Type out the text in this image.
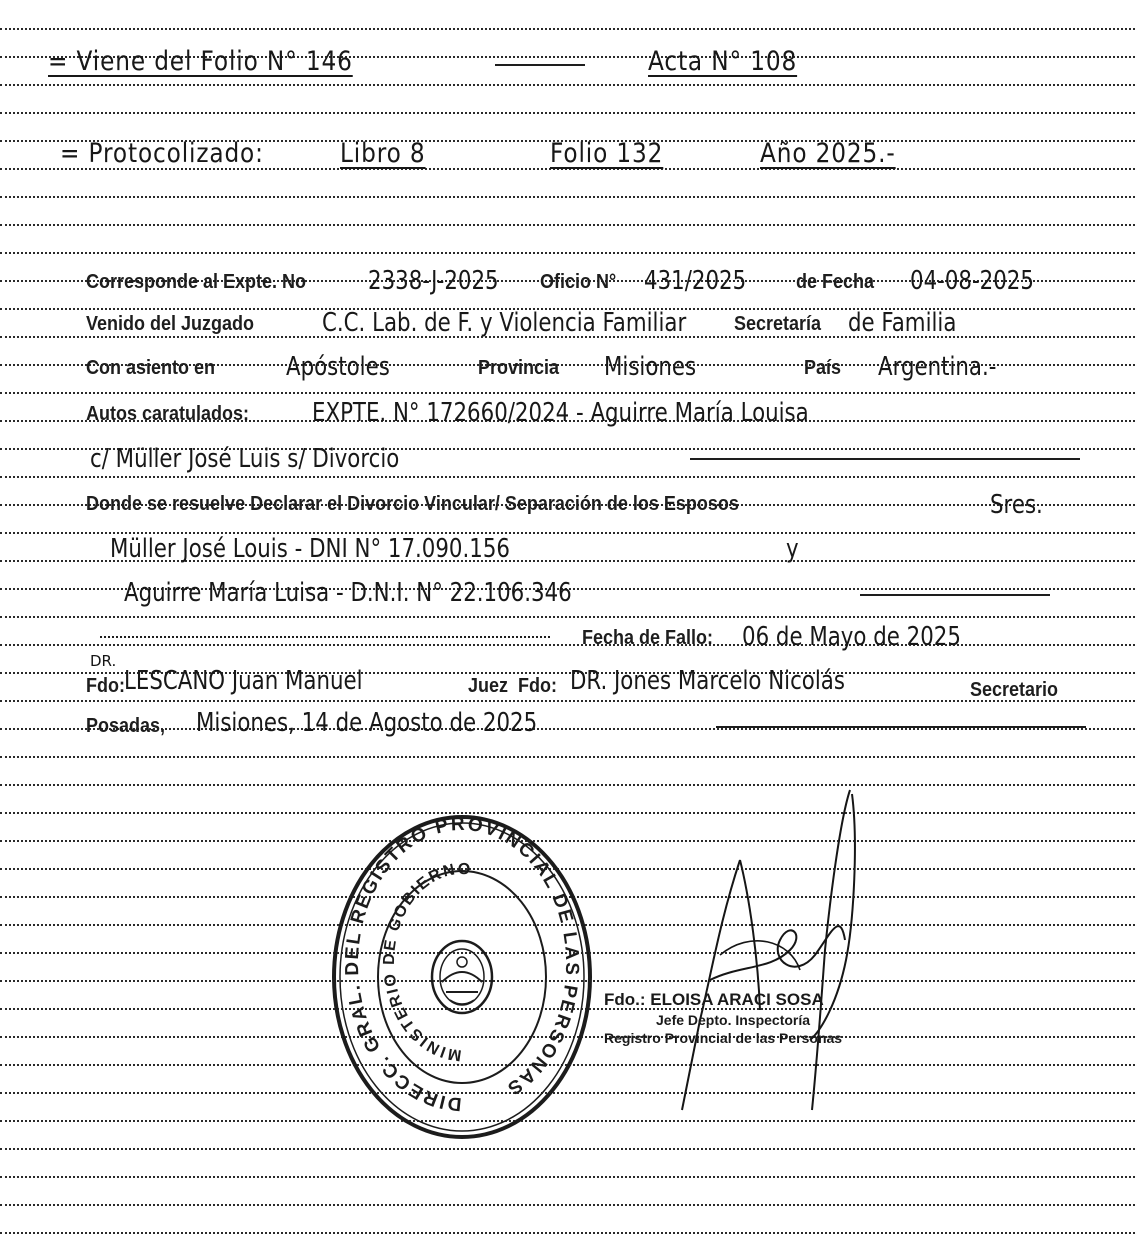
= Viene del Folio N° 146	Acta N° 108
= Protocolizado:	Libro 8	Folio 132	Año 2025.-
Corresponde al Expte. No 2338-J-2025 Oficio N° 431/2025 de Fecha 04-08-2025
Venido del Juzgado	C.C. Lab. de F. y Violencia Familiar Secretaría de Familia
Con asiento en	Apóstoles	Provincia Misiones	País Argentina.-
Autos caratulados: EXPTE. N° 172660/2024 - Aguirre María Louisa
c/ Müller José Luis s/ Divorcio
Donde se resuelve Declarar el Divorcio Vincular/ Separación de los Esposos	Sres.
Müller José Louis - DNI N° 17.090.156	y
Aguirre María Luisa - D.N.I. N° 22.106.346
Fecha de Fallo: 06 de Mayo de 2025
Fdo:
DR.
LESCANO Juan Manuel	Juez Fdo: DR. Jones Marcelo Nicolás	Secretario
Posadas, Misiones, 14 de Agosto de 2025
DIRECC. GRAL. DEL REGISTRO PROVINCIAL DE LAS PERSONAS
MINISTERIO DE GOBIERNO
Fdo.: ELOISA ARACI SOSA
Jefe Depto. Inspectoría
Registro Provincial de las Personas
